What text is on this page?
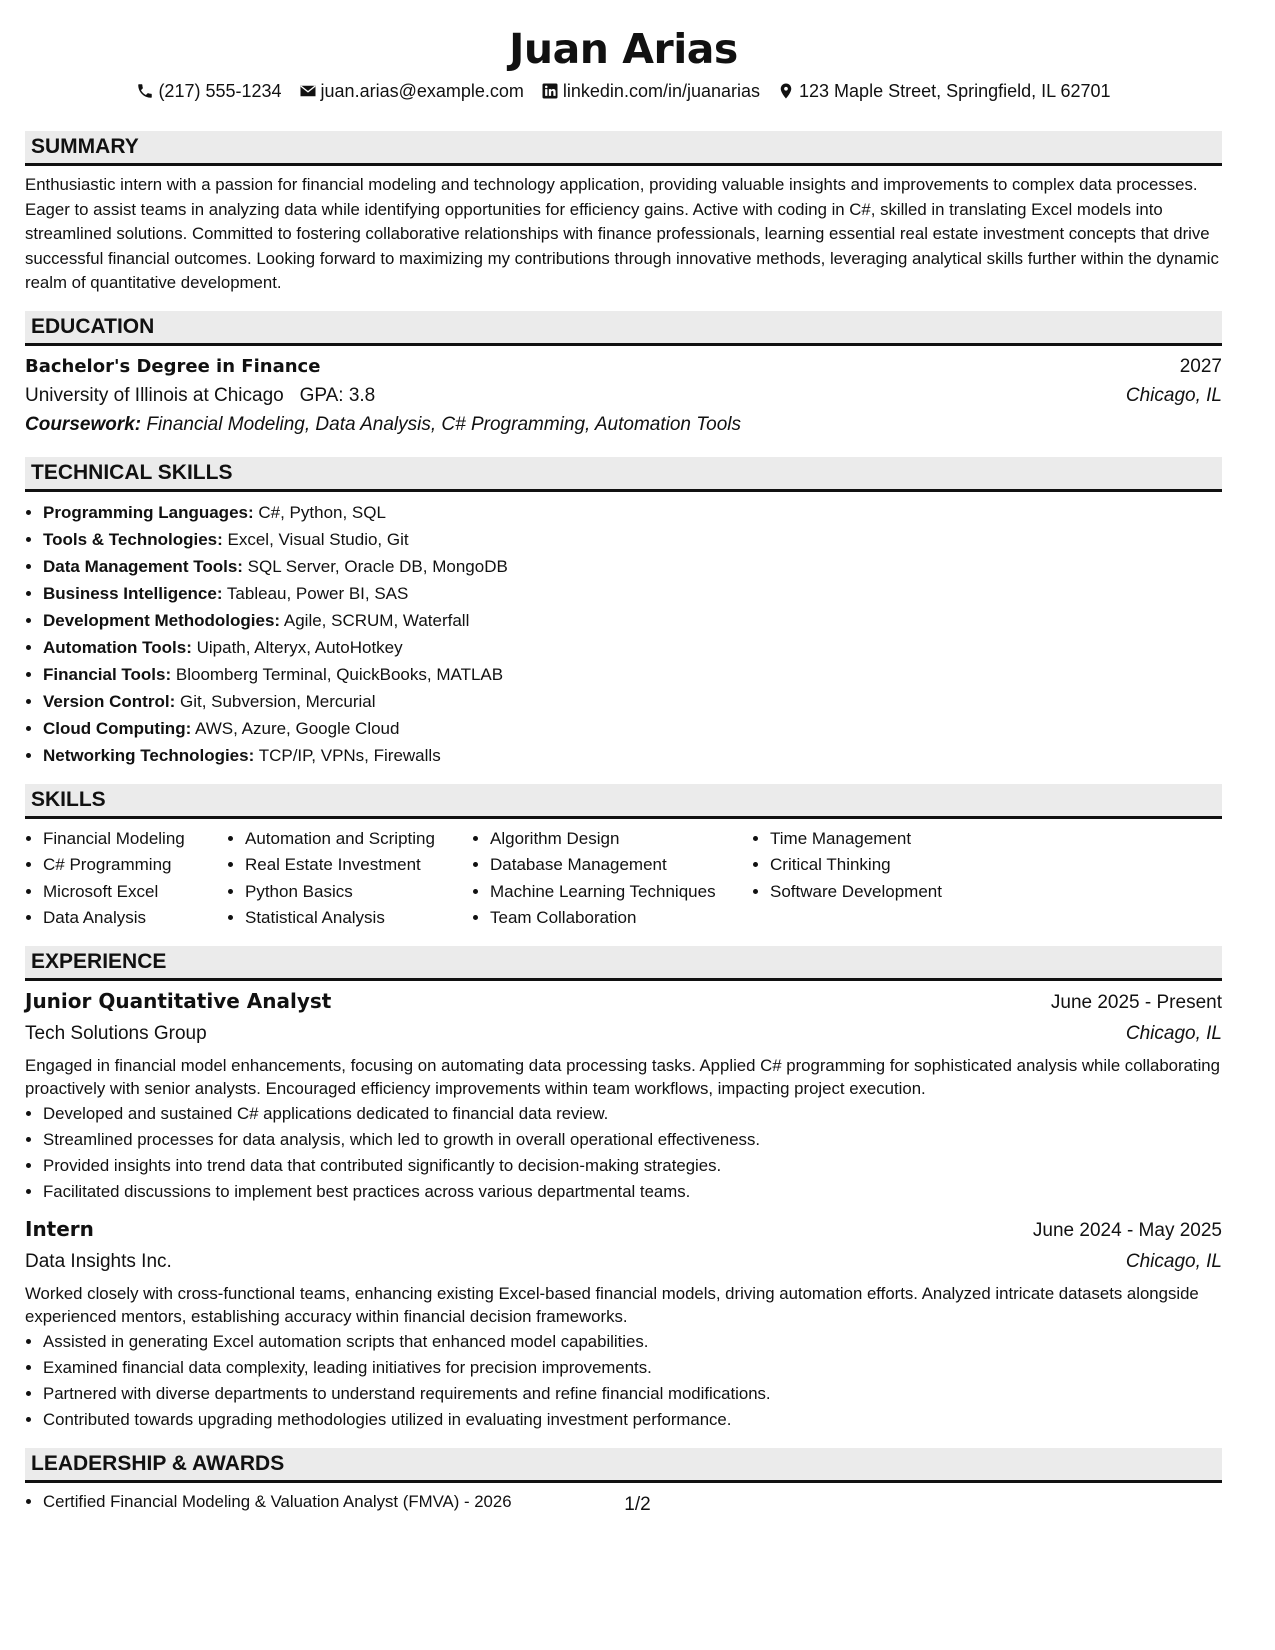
Juan Arias
(217) 555-1234 juan.arias@example.com linkedin.com/in/juanarias 123 Maple Street, Springfield, IL 62701
SUMMARY

Enthusiastic intern with a passion for financial modeling and technology application, providing valuable insights and improvements to complex data processes. Eager to assist teams in analyzing data while identifying opportunities for efficiency gains. Active with coding in C#, skilled in translating Excel models into streamlined solutions. Committed to fostering collaborative relationships with finance professionals, learning essential real estate investment concepts that drive successful financial outcomes. Looking forward to maximizing my contributions through innovative methods, leveraging analytical skills further within the dynamic realm of quantitative development.

EDUCATION
Bachelor's Degree in Finance	2027
University of Illinois at Chicago GPA: 3.8	Chicago, IL
Coursework: Financial Modeling, Data Analysis, C# Programming, Automation Tools
TECHNICAL SKILLS
• Programming Languages: C#, Python, SQL
• Tools & Technologies: Excel, Visual Studio, Git
• Data Management Tools: SQL Server, Oracle DB, MongoDB
• Business Intelligence: Tableau, Power BI, SAS
• Development Methodologies: Agile, SCRUM, Waterfall
• Automation Tools: Uipath, Alteryx, AutoHotkey
• Financial Tools: Bloomberg Terminal, QuickBooks, MATLAB
• Version Control: Git, Subversion, Mercurial
• Cloud Computing: AWS, Azure, Google Cloud
• Networking Technologies: TCP/IP, VPNs, Firewalls
SKILLS
• Financial Modeling
• C# Programming
• Microsoft Excel
• Data Analysis
• Automation and Scripting
• Real Estate Investment
• Python Basics
• Statistical Analysis
• Algorithm Design
• Database Management
• Machine Learning Techniques
• Team Collaboration
• Time Management
• Critical Thinking
• Software Development
EXPERIENCE
Junior Quantitative Analyst	June 2025 - Present
Tech Solutions Group	Chicago, IL

Engaged in financial model enhancements, focusing on automating data processing tasks. Applied C# programming for sophisticated analysis while collaborating proactively with senior analysts. Encouraged efficiency improvements within team workflows, impacting project execution.

• Developed and sustained C# applications dedicated to financial data review.
• Streamlined processes for data analysis, which led to growth in overall operational effectiveness.
• Provided insights into trend data that contributed significantly to decision-making strategies.
• Facilitated discussions to implement best practices across various departmental teams.
Intern	June 2024 - May 2025
Data Insights Inc.	Chicago, IL

Worked closely with cross-functional teams, enhancing existing Excel-based financial models, driving automation efforts. Analyzed intricate datasets alongside experienced mentors, establishing accuracy within financial decision frameworks.

• Assisted in generating Excel automation scripts that enhanced model capabilities.
• Examined financial data complexity, leading initiatives for precision improvements.
• Partnered with diverse departments to understand requirements and refine financial modifications.
• Contributed towards upgrading methodologies utilized in evaluating investment performance.
LEADERSHIP & AWARDS
• Certified Financial Modeling & Valuation Analyst (FMVA) - 2026	1/2
